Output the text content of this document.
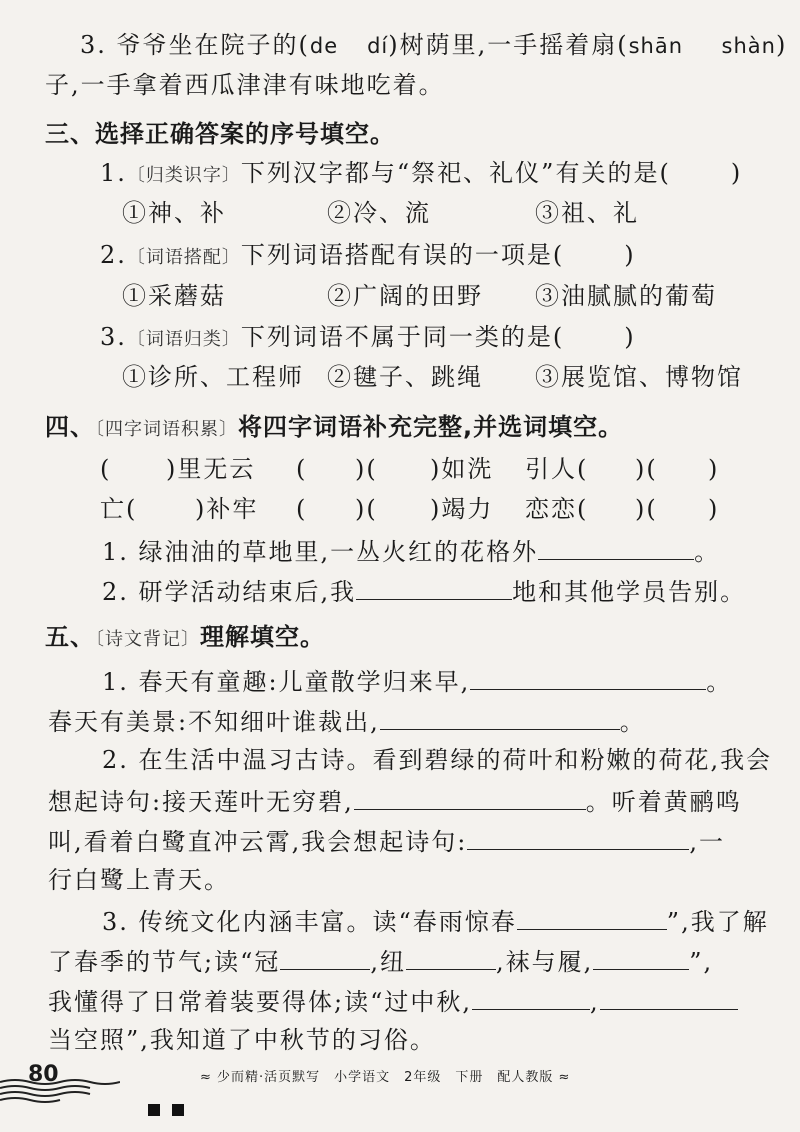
3. 爷爷坐在院子的(de dí)树荫里,一手摇着扇(shān shàn)
子,一手拿着西瓜津津有味地吃着。
三、选择正确答案的序号填空。
1.〔归类识字〕下列汉字都与“祭祀、礼仪”有关的是(	)
①神、补	②冷、流	③祖、礼
2.〔词语搭配〕下列词语搭配有误的一项是(	)
①采蘑菇	②广阔的田野 ③油腻腻的葡萄
3.〔词语归类〕下列词语不属于同一类的是(	)
①诊所、工程师 ②毽子、跳绳 ③展览馆、博物馆
四、〔四字词语积累〕将四字词语补充完整,并选词填空。
( )里无云 ( )( )如洗 引人( )( )
亡( )补牢 ( )( )竭力 恋恋( )( )
1. 绿油油的草地里,一丛火红的花格外	。
2. 研学活动结束后,我	地和其他学员告别。
五、〔诗文背记〕理解填空。
1. 春天有童趣:儿童散学归来早,	。
春天有美景:不知细叶谁裁出,	。
2. 在生活中温习古诗。看到碧绿的荷叶和粉嫩的荷花,我会
想起诗句:接天莲叶无穷碧,	。听着黄鹂鸣
叫,看着白鹭直冲云霄,我会想起诗句:	,一
行白鹭上青天。
3. 传统文化内涵丰富。读“春雨惊春	”,我了解
了春季的节气;读“冠	,纽	,袜与履,	”,
我懂得了日常着装要得体;读“过中秋,	,
当空照”,我知道了中秋节的习俗。
80	≈ 少而精·活页默写　小学语文　2年级　下册　配人教版 ≈
